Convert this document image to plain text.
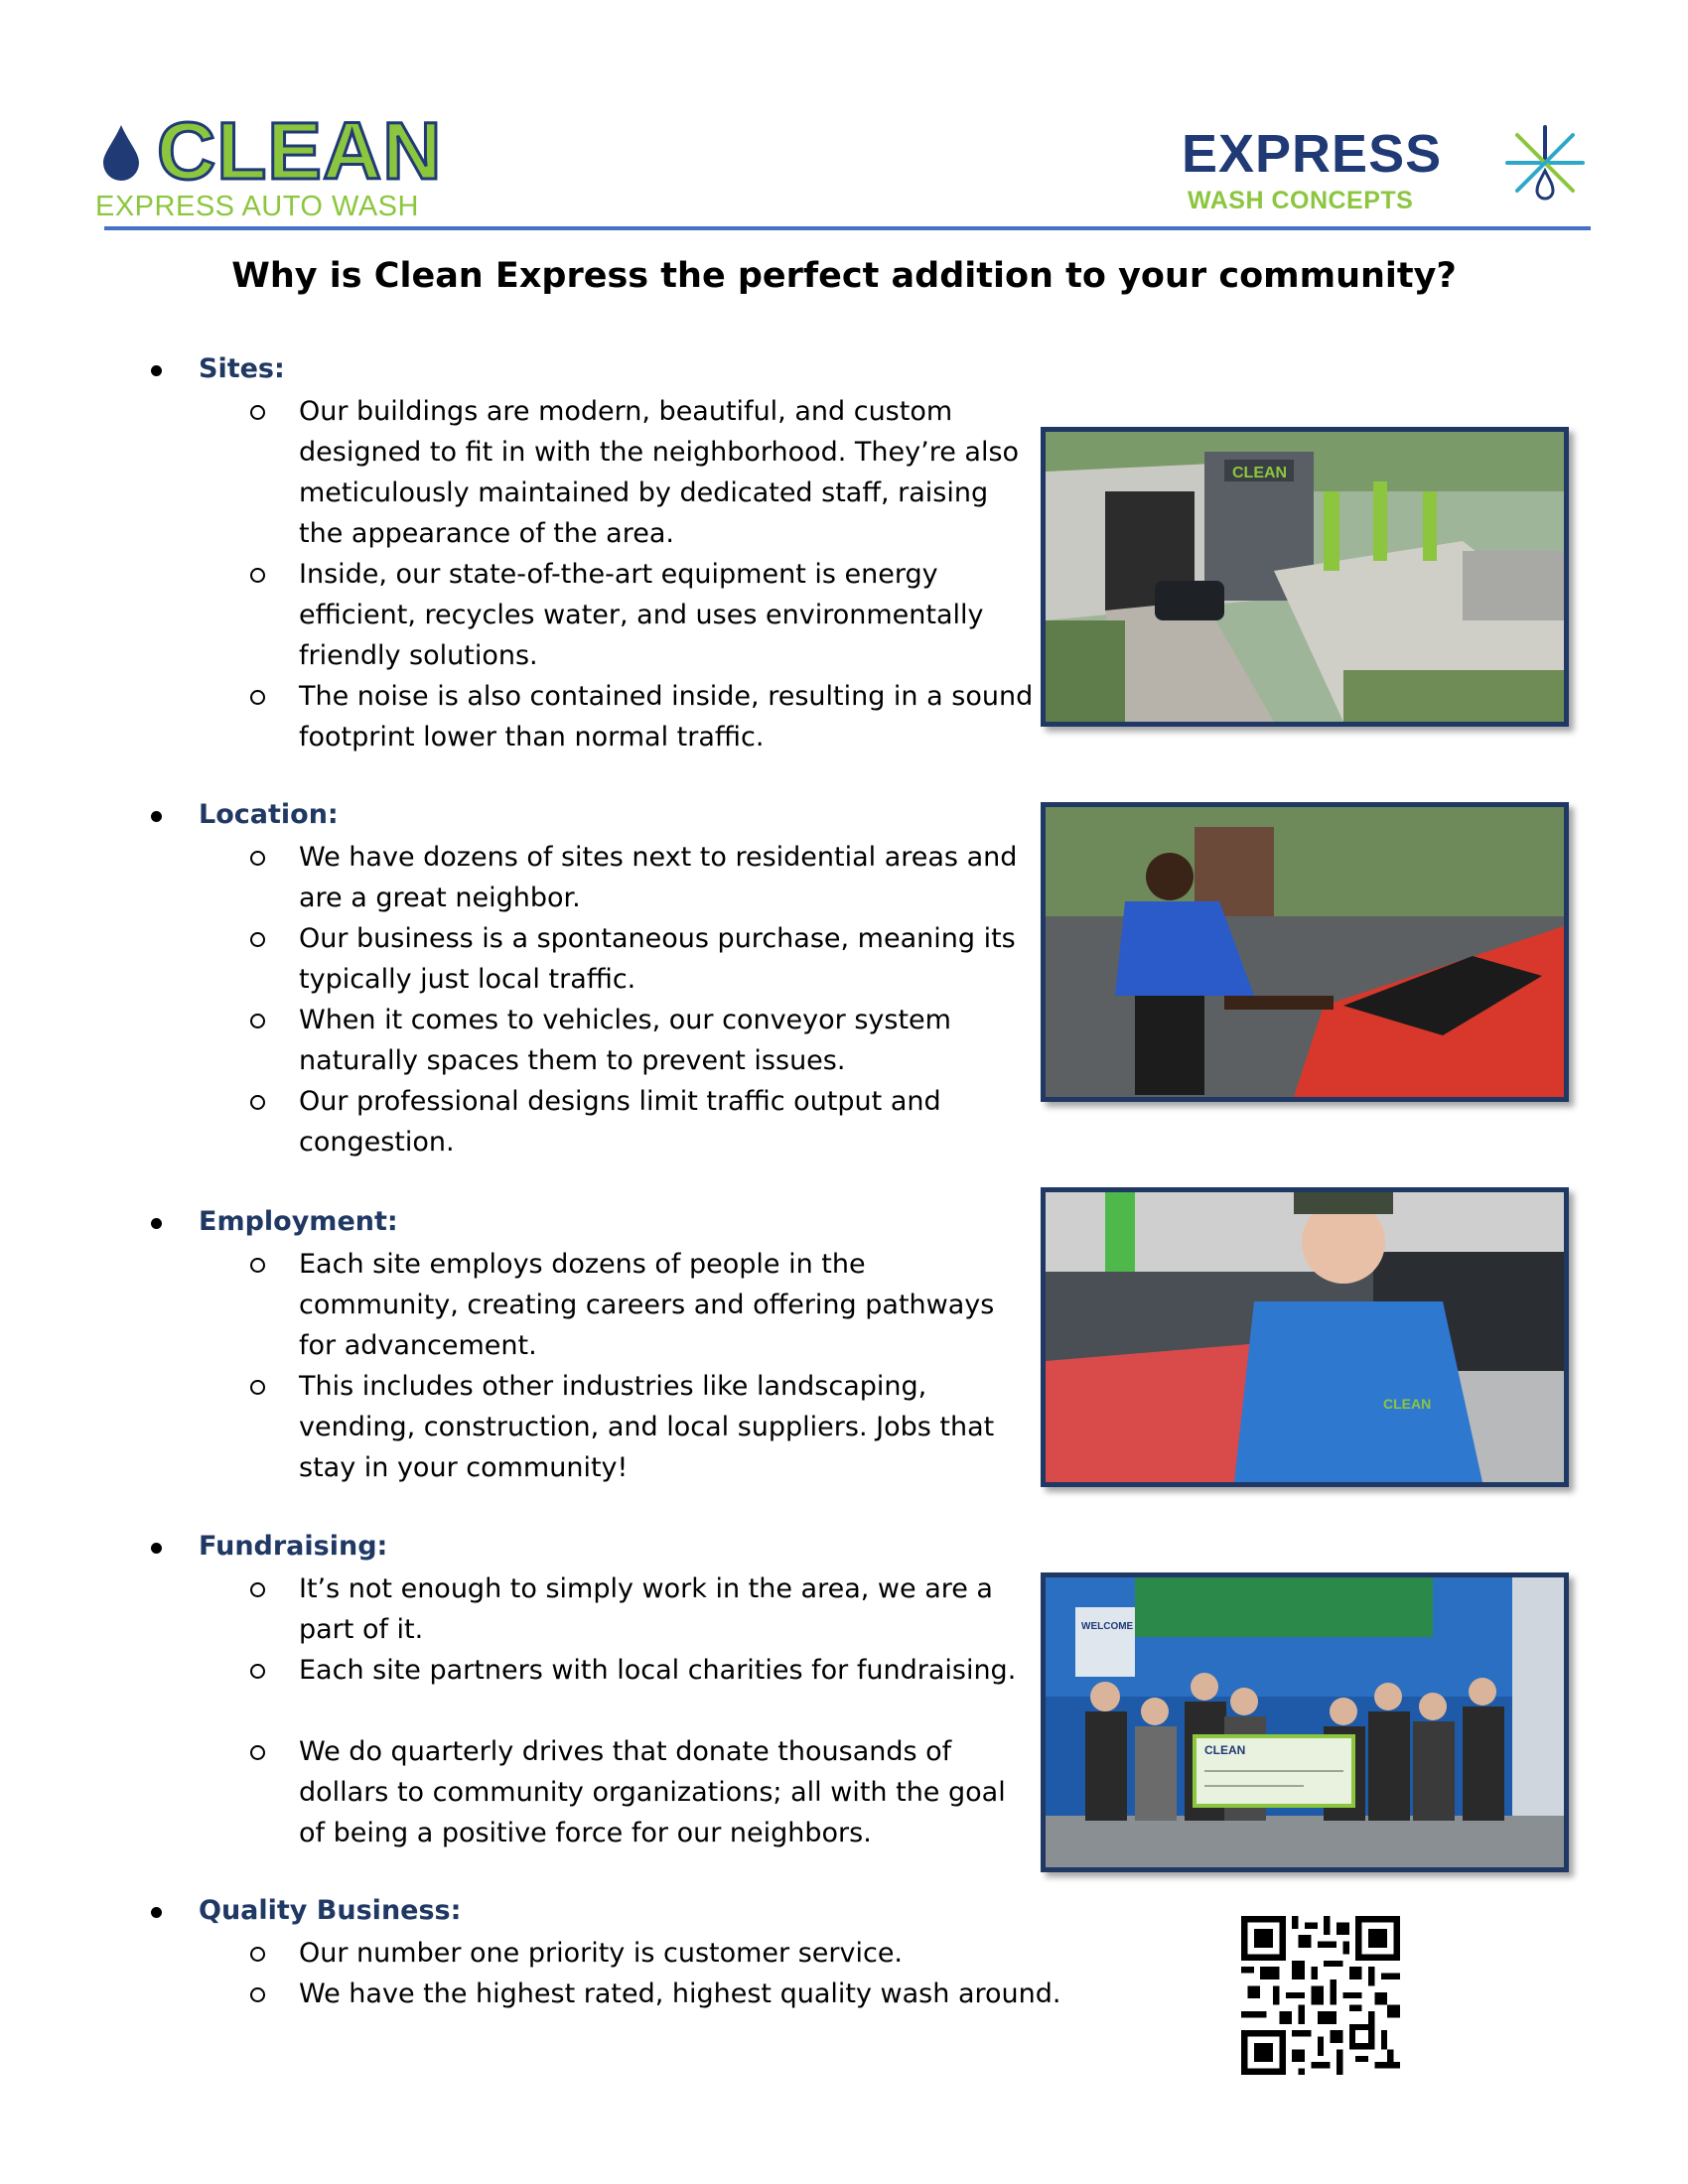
CLEAN
EXPRESS AUTO WASH
EXPRESS
WASH CONCEPTS
Why is Clean Express the perfect addition to your community?
Sites:
Our buildings are modern, beautiful, and custom designed to fit in with the neighborhood. They’re also meticulously maintained by dedicated staff, raising the appearance of the area.
Inside, our state-of-the-art equipment is energy efficient, recycles water, and uses environmentally friendly solutions.
The noise is also contained inside, resulting in a sound footprint lower than normal traffic.
Location:
We have dozens of sites next to residential areas and are a great neighbor.
Our business is a spontaneous purchase, meaning its typically just local traffic.
When it comes to vehicles, our conveyor system naturally spaces them to prevent issues.
Our professional designs limit traffic output and congestion.
Employment:
Each site employs dozens of people in the community, creating careers and offering pathways for advancement.
This includes other industries like landscaping, vending, construction, and local suppliers. Jobs that stay in your community!
Fundraising:
It’s not enough to simply work in the area, we are a part of it.
Each site partners with local charities for fundraising.
We do quarterly drives that donate thousands of dollars to community organizations; all with the goal of being a positive force for our neighbors.
Quality Business:
Our number one priority is customer service.
We have the highest rated, highest quality wash around.
CLEAN
CLEAN
WELCOME
CLEAN
